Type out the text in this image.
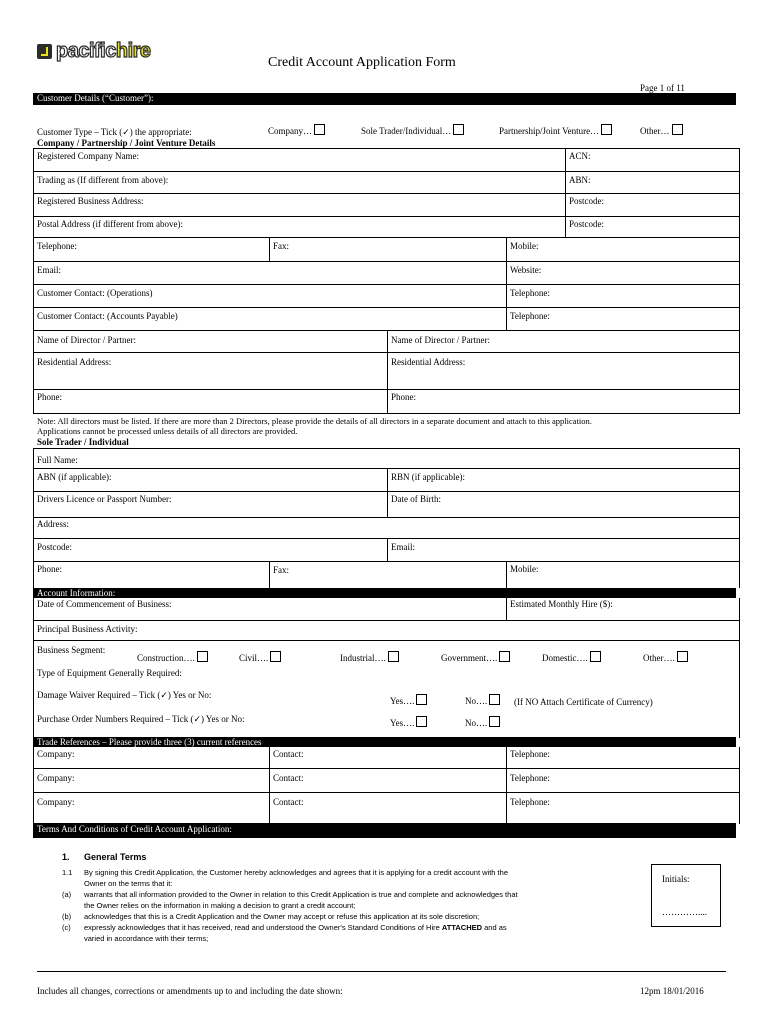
pacifichire
Credit Account Application Form
Page 1 of 11
Customer Details (“Customer”):
Customer Type – Tick (✓) the appropriate:	Company…	Sole Trader/Individual…	Partnership/Joint Venture…	Other…
Company / Partnership / Joint Venture Details
Registered Company Name:	ACN:
Trading as (If different from above):	ABN:
Registered Business Address:	Postcode:
Postal Address (if different from above):	Postcode:
Telephone:	Fax:	Mobile:
Email:	Website:
Customer Contact: (Operations)	Telephone:
Customer Contact: (Accounts Payable)	Telephone:
Name of Director / Partner:	Name of Director / Partner:
Residential Address:	Residential Address:
Phone:	Phone:
Note: All directors must be listed. If there are more than 2 Directors, please provide the details of all directors in a separate document and attach to this application.
Applications cannot be processed unless details of all directors are provided.
Sole Trader / Individual
Full Name:
ABN (if applicable):	RBN (if applicable):
Drivers Licence or Passport Number:	Date of Birth:
Address:
Postcode:	Email:
Phone:	Fax:	Mobile:
Account Information:
Date of Commencement of Business:	Estimated Monthly Hire ($):
Principal Business Activity:
Business Segment:
Construction….	Civil….	Industrial….	Government….	Domestic….	Other….
Type of Equipment Generally Required:
Damage Waiver Required – Tick (✓) Yes or No:
Yes….	No….	(If NO Attach Certificate of Currency)
Purchase Order Numbers Required – Tick (✓) Yes or No:	Yes….	No….
Trade References – Please provide three (3) current references
Company:	Contact:	Telephone:
Company:	Contact:	Telephone:
Company:	Contact:	Telephone:
Terms And Conditions of Credit Account Application:
1. General Terms
1.1 By signing this Credit Application, the Customer hereby acknowledges and agrees that it is applying for a credit account with the
Owner on the terms that it:
(a) warrants that all information provided to the Owner in relation to this Credit Application is true and complete and acknowledges that
the Owner relies on the information in making a decision to grant a credit account;
(b) acknowledges that this is a Credit Application and the Owner may accept or refuse this application at its sole discretion;
(c) expressly acknowledges that it has received, read and understood the Owner's Standard Conditions of Hire ATTACHED and as
varied in accordance with their terms;
Initials:
…………....
Includes all changes, corrections or amendments up to and including the date shown:	12pm 18/01/2016
